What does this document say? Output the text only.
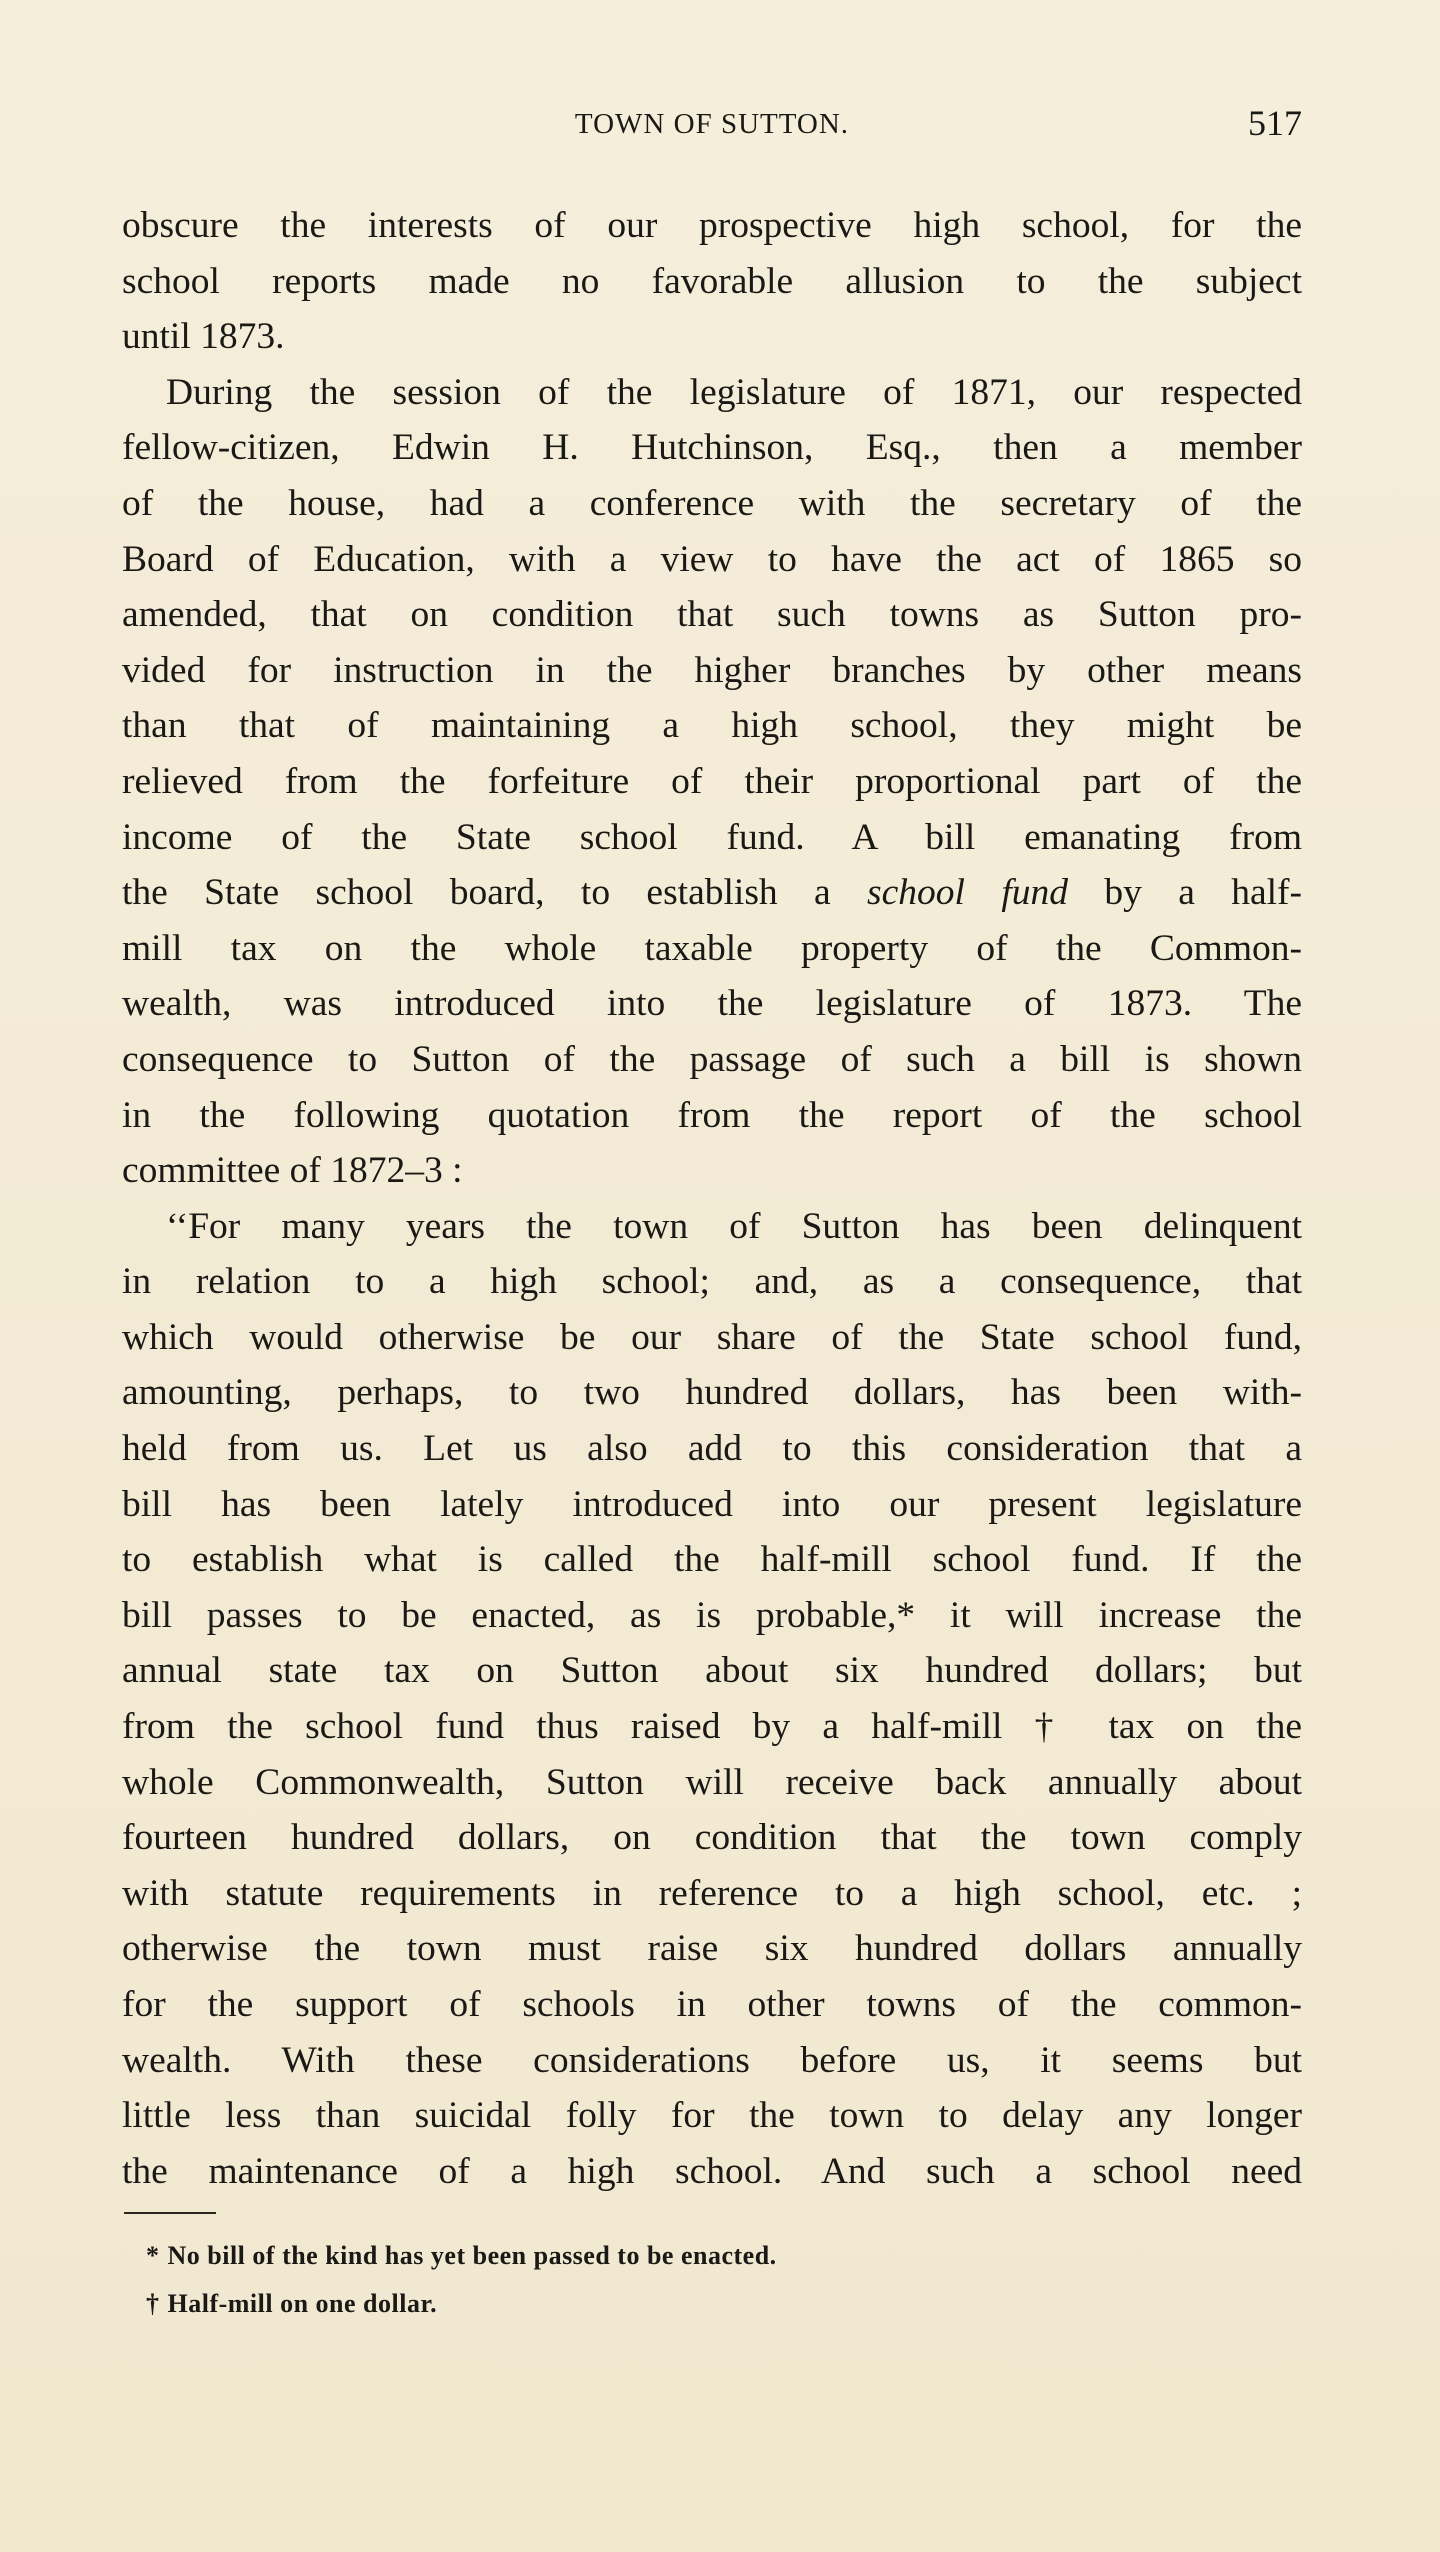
TOWN OF SUTTON.	517
obscure the interests of our prospective high school, for the
school reports made no favorable allusion to the subject
until 1873.
During the session of the legislature of 1871, our respected
fellow-citizen, Edwin H. Hutchinson, Esq., then a member
of the house, had a conference with the secretary of the
Board of Education, with a view to have the act of 1865 so
amended, that on condition that such towns as Sutton pro-
vided for instruction in the higher branches by other means
than that of maintaining a high school, they might be
relieved from the forfeiture of their proportional part of the
income of the State school fund. A bill emanating from
the State school board, to establish a school fund by a half-
mill tax on the whole taxable property of the Common-
wealth, was introduced into the legislature of 1873. The
consequence to Sutton of the passage of such a bill is shown
in the following quotation from the report of the school
committee of 1872–3 :
‘‘For many years the town of Sutton has been delinquent
in relation to a high school; and, as a consequence, that
which would otherwise be our share of the State school fund,
amounting, perhaps, to two hundred dollars, has been with-
held from us. Let us also add to this consideration that a
bill has been lately introduced into our present legislature
to establish what is called the half-mill school fund. If the
bill passes to be enacted, as is probable,* it will increase the
annual state tax on Sutton about six hundred dollars; but
from the school fund thus raised by a half-mill † tax on the
whole Commonwealth, Sutton will receive back annually about
fourteen hundred dollars, on condition that the town comply
with statute requirements in reference to a high school, etc. ;
otherwise the town must raise six hundred dollars annually
for the support of schools in other towns of the common-
wealth. With these considerations before us, it seems but
little less than suicidal folly for the town to delay any longer
the maintenance of a high school. And such a school need
* No bill of the kind has yet been passed to be enacted.
† Half-mill on one dollar.
